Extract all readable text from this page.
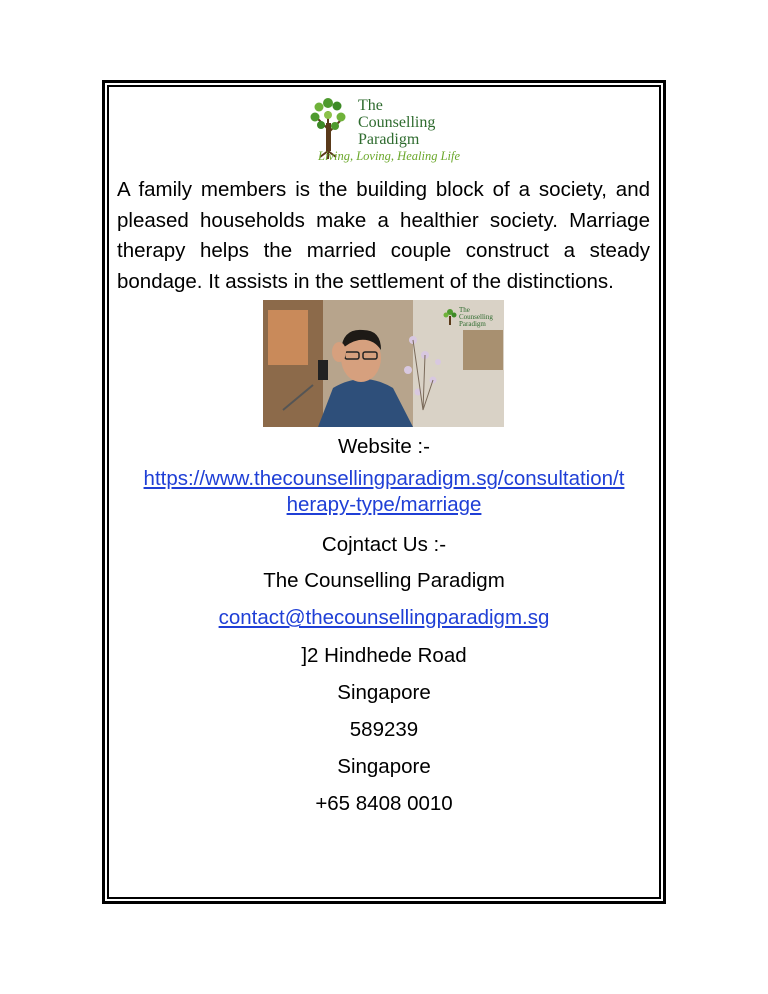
The
Counselling
Paradigm
Living, Loving, Healing Life
A family members is the building block of a society, and pleased households make a healthier society. Marriage therapy helps the married couple construct a steady bondage. It assists in the settlement of the distinctions.
The
Counselling
Paradigm
Website :-
https://www.thecounsellingparadigm.sg/consultation/t
herapy-type/marriage
Cojntact Us :-
The Counselling Paradigm
contact@thecounsellingparadigm.sg
]2 Hindhede Road
Singapore
589239
Singapore
+65 8408 0010
